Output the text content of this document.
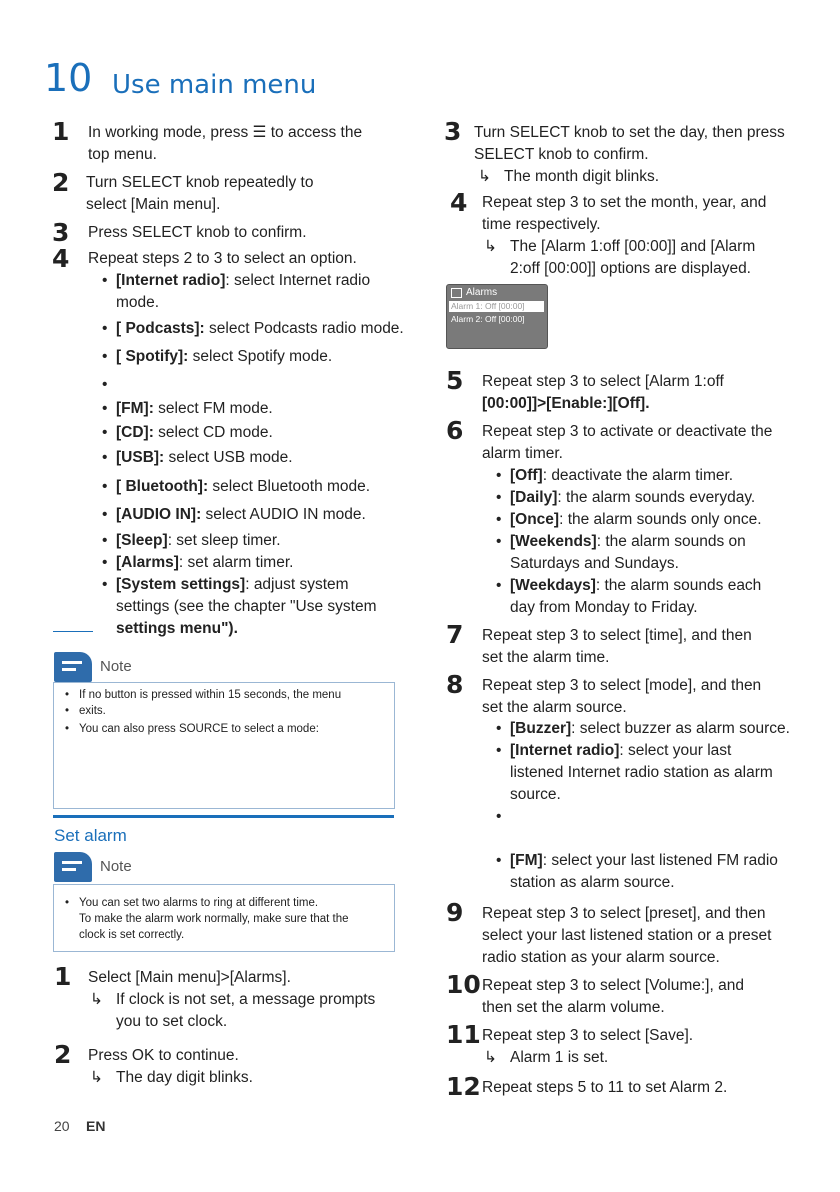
10 Use main menu
1 In working mode, press ☰ to access the
top menu.
2 Turn SELECT knob repeatedly to
select [Main menu].
3 Press SELECT knob to confirm.
4 Repeat steps 2 to 3 to select an option.
• [Internet radio]: select Internet radio
mode.
• [ Podcasts]: select Podcasts radio mode.
• [ Spotify]: select Spotify mode.
•
• [FM]: select FM mode.
• [CD]: select CD mode.
• [USB]: select USB mode.
• [ Bluetooth]: select Bluetooth mode.
• [AUDIO IN]: select AUDIO IN mode.
• [Sleep]: set sleep timer.
• [Alarms]: set alarm timer.
• [System settings]: adjust system
settings (see the chapter "Use system
settings menu").
Note
• If no button is pressed within 15 seconds, the menu
• exits.
• You can also press SOURCE to select a mode:
Set alarm
Note
• You can set two alarms to ring at different time.
To make the alarm work normally, make sure that the
clock is set correctly.
1 Select [Main menu]>[Alarms].
↳ If clock is not set, a message prompts
you to set clock.
2 Press OK to continue.
↳ The day digit blinks.
3 Turn SELECT knob to set the day, then press
SELECT knob to confirm.
↳ The month digit blinks.
4 Repeat step 3 to set the month, year, and
time respectively.
↳ The [Alarm 1:off [00:00]] and [Alarm
2:off [00:00]] options are displayed.
Alarms
Alarm 1: Off [00:00]
Alarm 2: Off [00:00]
5 Repeat step 3 to select [Alarm 1:off
[00:00]]>[Enable:][Off].
6 Repeat step 3 to activate or deactivate the
alarm timer.
• [Off]: deactivate the alarm timer.
• [Daily]: the alarm sounds everyday.
• [Once]: the alarm sounds only once.
• [Weekends]: the alarm sounds on
Saturdays and Sundays.
• [Weekdays]: the alarm sounds each
day from Monday to Friday.
7 Repeat step 3 to select [time], and then
set the alarm time.
8 Repeat step 3 to select [mode], and then
set the alarm source.
• [Buzzer]: select buzzer as alarm source.
• [Internet radio]: select your last
listened Internet radio station as alarm
source.
•
• [FM]: select your last listened FM radio
station as alarm source.
9 Repeat step 3 to select [preset], and then
select your last listened station or a preset
radio station as your alarm source.
10 Repeat step 3 to select [Volume:], and
then set the alarm volume.
11 Repeat step 3 to select [Save].
↳ Alarm 1 is set.
12 Repeat steps 5 to 11 to set Alarm 2.
20 EN
